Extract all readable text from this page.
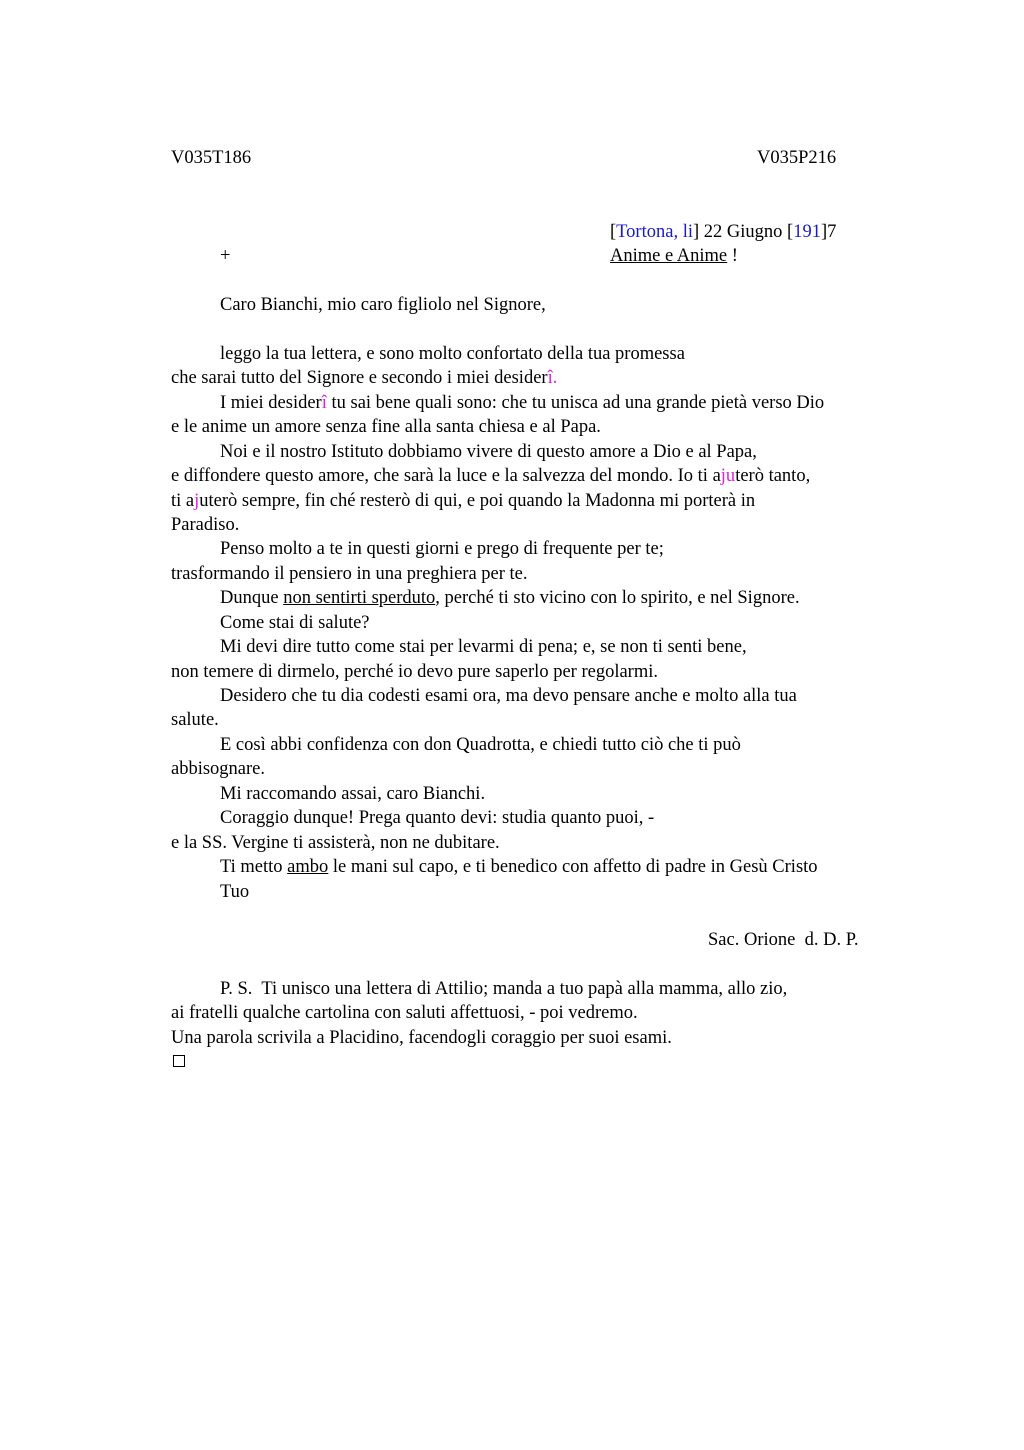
V035T186	V035P216
[Tortona, li] 22 Giugno [191]7
+	Anime e Anime !
Caro Bianchi, mio caro figliolo nel Signore,
leggo la tua lettera, e sono molto confortato della tua promessa
che sarai tutto del Signore e secondo i miei desiderî.
I miei desiderî tu sai bene quali sono: che tu unisca ad una grande pietà verso Dio
e le anime un amore senza fine alla santa chiesa e al Papa.
Noi e il nostro Istituto dobbiamo vivere di questo amore a Dio e al Papa,
e diffondere questo amore, che sarà la luce e la salvezza del mondo. Io ti ajuterò tanto,
ti ajuterò sempre, fin ché resterò di qui, e poi quando la Madonna mi porterà in
Paradiso.
Penso molto a te in questi giorni e prego di frequente per te;
trasformando il pensiero in una preghiera per te.
Dunque non sentirti sperduto, perché ti sto vicino con lo spirito, e nel Signore.
Come stai di salute?
Mi devi dire tutto come stai per levarmi di pena; e, se non ti senti bene,
non temere di dirmelo, perché io devo pure saperlo per regolarmi.
Desidero che tu dia codesti esami ora, ma devo pensare anche e molto alla tua
salute.
E così abbi confidenza con don Quadrotta, e chiedi tutto ciò che ti può
abbisognare.
Mi raccomando assai, caro Bianchi.
Coraggio dunque! Prega quanto devi: studia quanto puoi, -
e la SS. Vergine ti assisterà, non ne dubitare.
Ti metto ambo le mani sul capo, e ti benedico con affetto di padre in Gesù Cristo
Tuo
Sac. Orione  d. D. P.
P. S.  Ti unisco una lettera di Attilio; manda a tuo papà alla mamma, allo zio,
ai fratelli qualche cartolina con saluti affettuosi, - poi vedremo.
Una parola scrivila a Placidino, facendogli coraggio per suoi esami.
